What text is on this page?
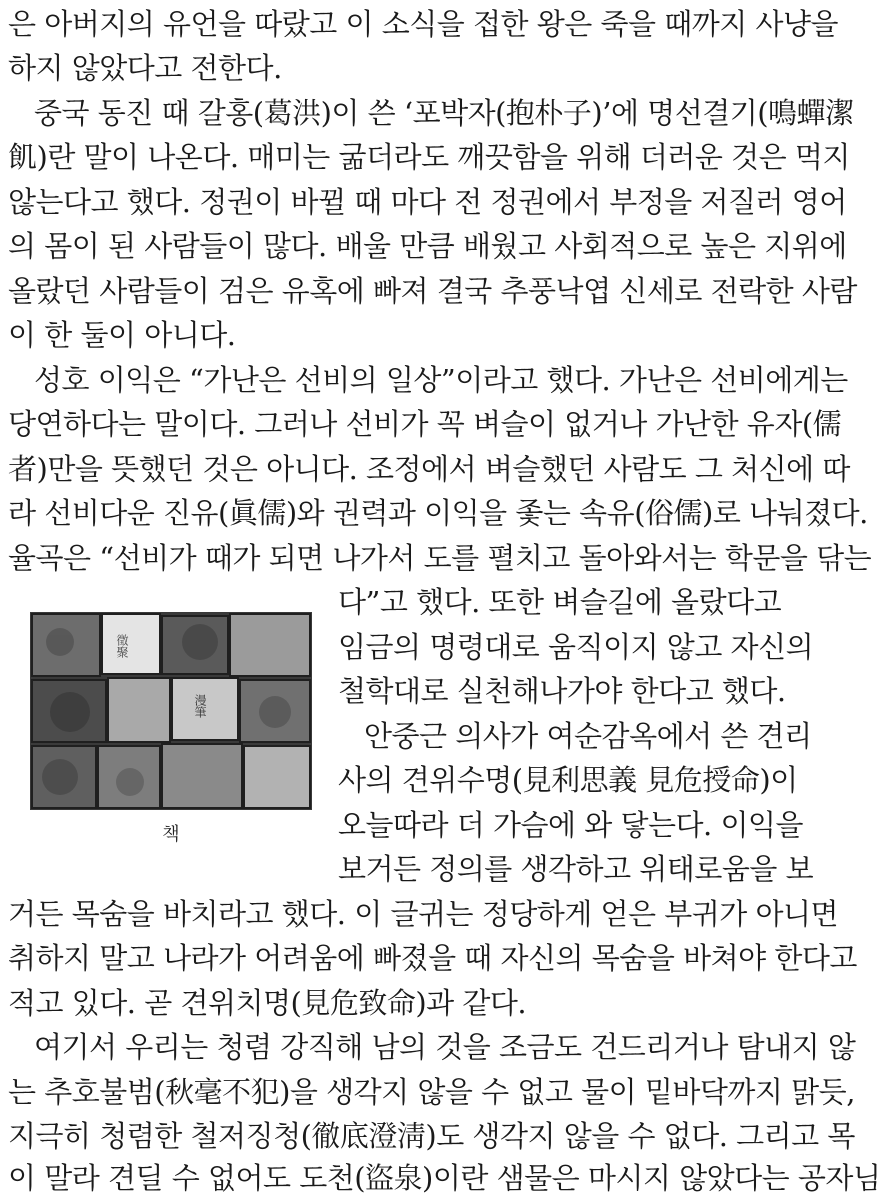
은 아버지의 유언을 따랐고 이 소식을 접한 왕은 죽을 때까지 사냥을
하지 않았다고 전한다.
중국 동진 때 갈홍(葛洪)이 쓴 ‘포박자(抱朴子)’에 명선결기(鳴蟬潔
飢)란 말이 나온다. 매미는 굶더라도 깨끗함을 위해 더러운 것은 먹지
않는다고 했다. 정권이 바뀔 때 마다 전 정권에서 부정을 저질러 영어
의 몸이 된 사람들이 많다. 배울 만큼 배웠고 사회적으로 높은 지위에
올랐던 사람들이 검은 유혹에 빠져 결국 추풍낙엽 신세로 전락한 사람
이 한 둘이 아니다.
성호 이익은 “가난은 선비의 일상”이라고 했다. 가난은 선비에게는
당연하다는 말이다. 그러나 선비가 꼭 벼슬이 없거나 가난한 유자(儒
者)만을 뜻했던 것은 아니다. 조정에서 벼슬했던 사람도 그 처신에 따
라 선비다운 진유(眞儒)와 권력과 이익을 좇는 속유(俗儒)로 나눠졌다.
율곡은 “선비가 때가 되면 나가서 도를 펼치고 돌아와서는 학문을 닦는
다”고 했다. 또한 벼슬길에 올랐다고
임금의 명령대로 움직이지 않고 자신의
철학대로 실천해나가야 한다고 했다.
안중근 의사가 여순감옥에서 쓴 견리
사의 견위수명(見利思義 見危授命)이
오늘따라 더 가슴에 와 닿는다. 이익을
보거든 정의를 생각하고 위태로움을 보
거든 목숨을 바치라고 했다. 이 글귀는 정당하게 얻은 부귀가 아니면
취하지 말고 나라가 어려움에 빠졌을 때 자신의 목숨을 바쳐야 한다고
적고 있다. 곧 견위치명(見危致命)과 같다.
여기서 우리는 청렴 강직해 남의 것을 조금도 건드리거나 탐내지 않
는 추호불범(秋毫不犯)을 생각지 않을 수 없고 물이 밑바닥까지 맑듯,
지극히 청렴한 철저징청(徹底澄淸)도 생각지 않을 수 없다. 그리고 목
이 말라 견딜 수 없어도 도천(盜泉)이란 샘물은 마시지 않았다는 공자님
徵聚
漫筆
책
